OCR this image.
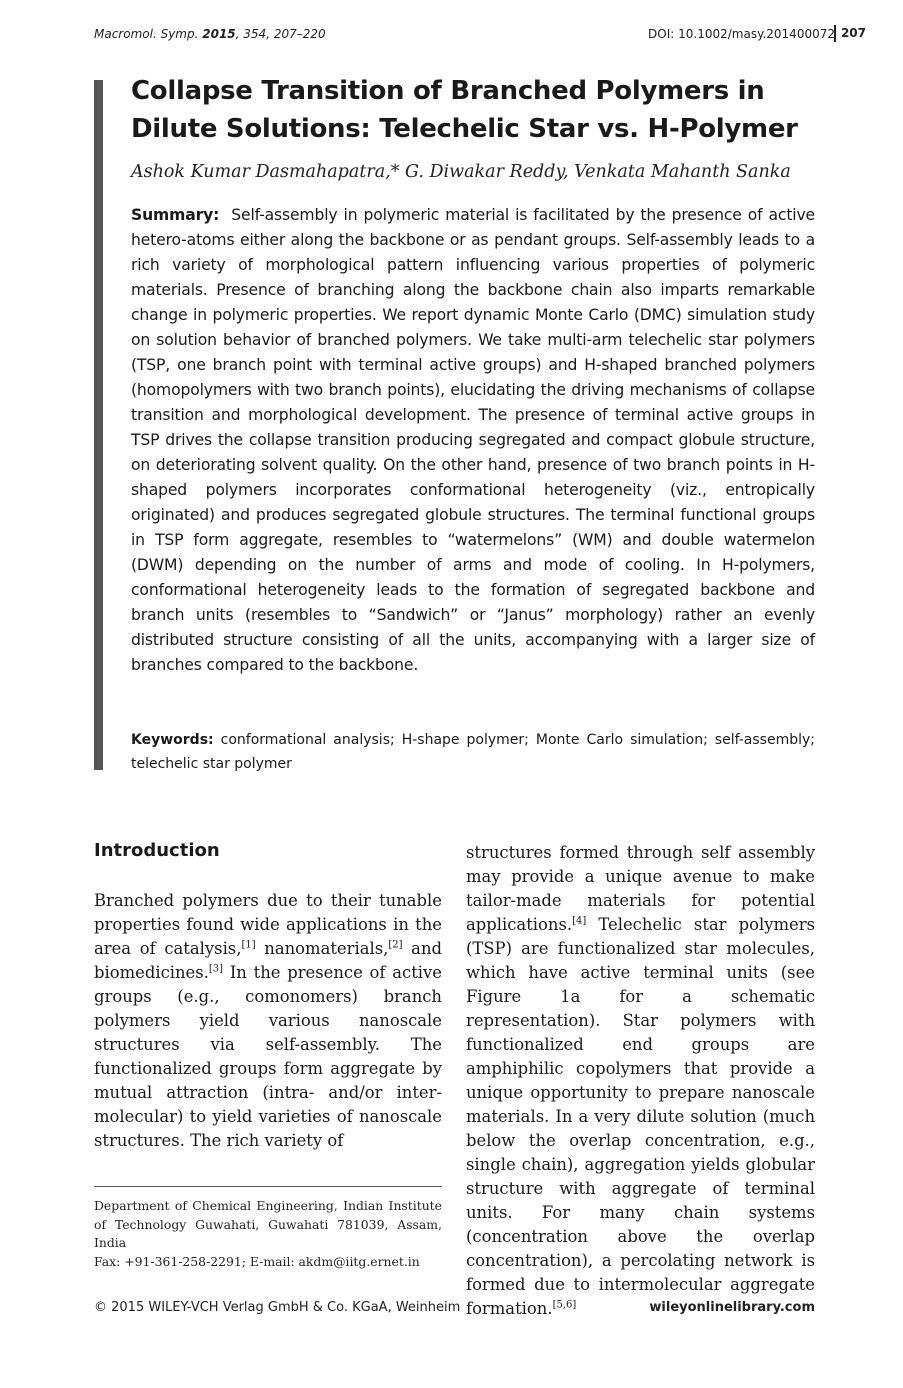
Macromol. Symp. 2015, 354, 207–220	DOI: 10.1002/masy.201400072 207
Collapse Transition of Branched Polymers in Dilute Solutions: Telechelic Star vs. H-Polymer
Ashok Kumar Dasmahapatra,* G. Diwakar Reddy, Venkata Mahanth Sanka

Summary: Self-assembly in polymeric material is facilitated by the presence of active hetero-atoms either along the backbone or as pendant groups. Self-assembly leads to a rich variety of morphological pattern influencing various properties of polymeric materials. Presence of branching along the backbone chain also imparts remarkable change in polymeric properties. We report dynamic Monte Carlo (DMC) simulation study on solution behavior of branched polymers. We take multi-arm telechelic star polymers (TSP, one branch point with terminal active groups) and H-shaped branched polymers (homopolymers with two branch points), elucidating the driving mechanisms of collapse transition and morphological development. The presence of terminal active groups in TSP drives the collapse transition producing segregated and compact globule structure, on deteriorating solvent quality. On the other hand, presence of two branch points in H-shaped polymers incorporates conformational heterogeneity (viz., entropically originated) and produces segregated globule structures. The terminal functional groups in TSP form aggregate, resembles to “watermelons” (WM) and double watermelon (DWM) depending on the number of arms and mode of cooling. In H-polymers, conformational heterogeneity leads to the formation of segregated backbone and branch units (resembles to “Sandwich” or “Janus” morphology) rather an evenly distributed structure consisting of all the units, accompanying with a larger size of branches compared to the backbone.

Keywords: conformational analysis; H-shape polymer; Monte Carlo simulation; self-assembly; telechelic star polymer

Introduction

Branched polymers due to their tunable properties found wide applications in the area of catalysis,[1] nanomaterials,[2] and biomedicines.[3] In the presence of active groups (e.g., comonomers) branch polymers yield various nanoscale structures via self-assembly. The functionalized groups form aggregate by mutual attraction (intra- and/or inter-molecular) to yield varieties of nanoscale structures. The rich variety of

structures formed through self assembly may provide a unique avenue to make tailor-made materials for potential applications.[4] Telechelic star polymers (TSP) are functionalized star molecules, which have active terminal units (see Figure 1a for a schematic representation). Star polymers with functionalized end groups are amphiphilic copolymers that provide a unique opportunity to prepare nanoscale materials. In a very dilute solution (much below the overlap concentration, e.g., single chain), aggregation yields globular structure with aggregate of terminal units. For many chain systems (concentration above the overlap concentration), a percolating network is formed due to intermolecular aggregate formation.[5,6]

Department of Chemical Engineering, Indian Institute of Technology Guwahati, Guwahati 781039, Assam, India
Fax: +91-361-258-2291; E-mail: akdm@iitg.ernet.in
© 2015 WILEY-VCH Verlag GmbH & Co. KGaA, Weinheim	wileyonlinelibrary.com
